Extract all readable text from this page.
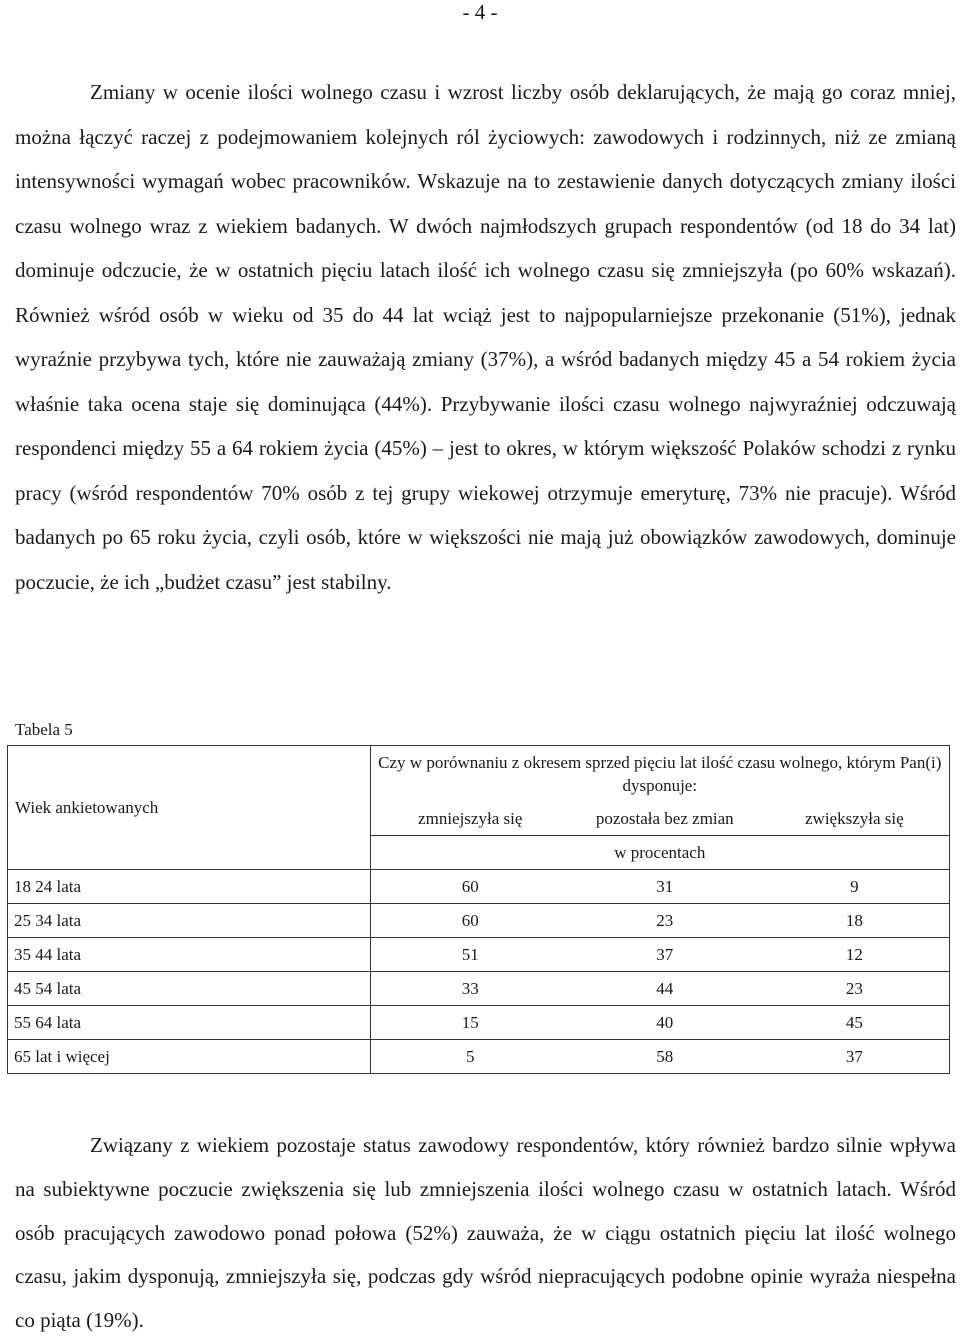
- 4 -

Zmiany w ocenie ilości wolnego czasu i wzrost liczby osób deklarujących, że mają go coraz mniej, można łączyć raczej z podejmowaniem kolejnych ról życiowych: zawodowych i rodzinnych, niż ze zmianą intensywności wymagań wobec pracowników. Wskazuje na to zestawienie danych dotyczących zmiany ilości czasu wolnego wraz z wiekiem badanych. W dwóch najmłodszych grupach respondentów (od 18 do 34 lat) dominuje odczucie, że w ostatnich pięciu latach ilość ich wolnego czasu się zmniejszyła (po 60% wskazań). Również wśród osób w wieku od 35 do 44 lat wciąż jest to najpopularniejsze przekonanie (51%), jednak wyraźnie przybywa tych, które nie zauważają zmiany (37%), a wśród badanych między 45 a 54 rokiem życia właśnie taka ocena staje się dominująca (44%). Przybywanie ilości czasu wolnego najwyraźniej odczuwają respondenci między 55 a 64 rokiem życia (45%) – jest to okres, w którym większość Polaków schodzi z rynku pracy (wśród respondentów 70% osób z tej grupy wiekowej otrzymuje emeryturę, 73% nie pracuje). Wśród badanych po 65 roku życia, czyli osób, które w większości nie mają już obowiązków zawodowych, dominuje poczucie, że ich „budżet czasu” jest stabilny.

Tabela 5
Wiek ankietowanych	Czy w porównaniu z okresem sprzed pięciu lat ilość czasu wolnego, którym Pan(i) dysponuje:		
	zmniejszyła się	pozostała bez zmian	zwiększyła się
	w procentach		
18 24 lata	60	31	9
25 34 lata	60	23	18
35 44 lata	51	37	12
45 54 lata	33	44	23
55 64 lata	15	40	45
65 lat i więcej	5	58	37

Związany z wiekiem pozostaje status zawodowy respondentów, który również bardzo silnie wpływa na subiektywne poczucie zwiększenia się lub zmniejszenia ilości wolnego czasu w ostatnich latach. Wśród osób pracujących zawodowo ponad połowa (52%) zauważa, że w ciągu ostatnich pięciu lat ilość wolnego czasu, jakim dysponują, zmniejszyła się, podczas gdy wśród niepracujących podobne opinie wyraża niespełna co piąta (19%).
